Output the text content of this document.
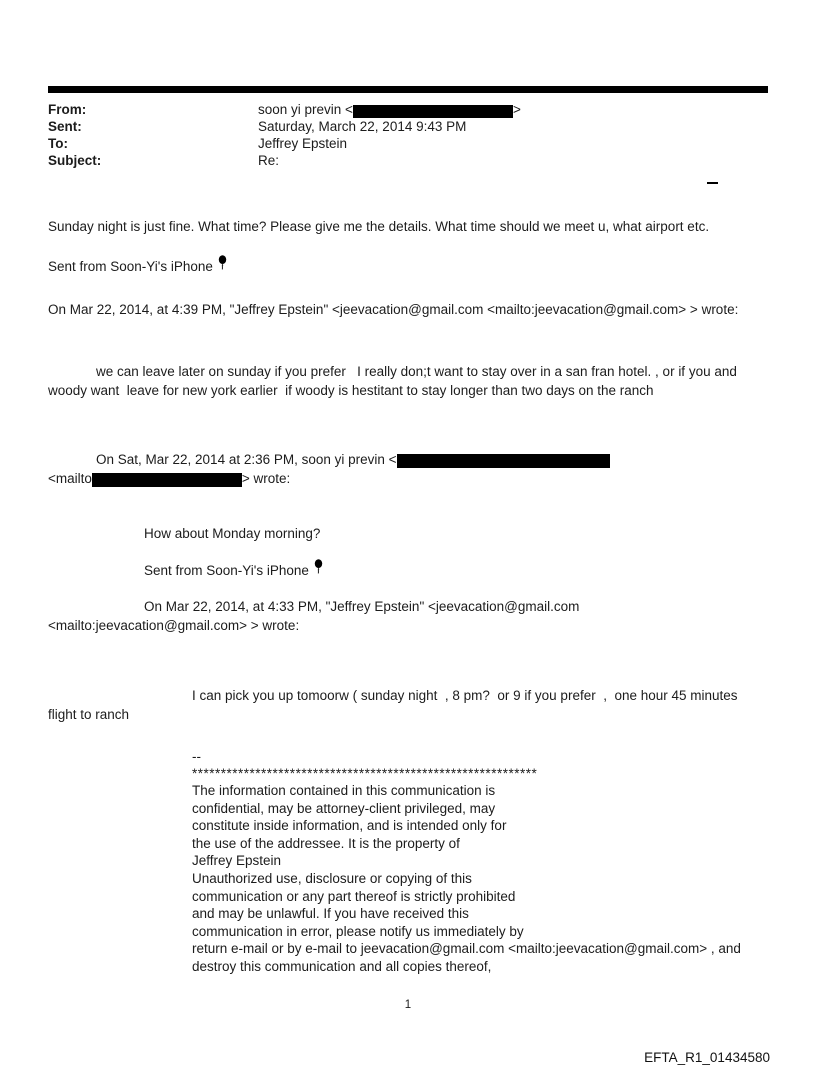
From:	soon yi previn <	>
Sent:	Saturday, March 22, 2014 9:43 PM
To:	Jeffrey Epstein
Subject:	Re:
Sunday night is just fine. What time? Please give me the details. What time should we meet u, what airport etc.
Sent from Soon-Yi's iPhone
On Mar 22, 2014, at 4:39 PM, "Jeffrey Epstein" <jeevacation@gmail.com <mailto:jeevacation@gmail.com> > wrote:
we can leave later on sunday if you prefer   I really don;t want to stay over in a san fran hotel. , or if you and
woody want  leave for new york earlier  if woody is hestitant to stay longer than two days on the ranch
On Sat, Mar 22, 2014 at 2:36 PM, soon yi previn <
<mailto	> wrote:
How about Monday morning?
Sent from Soon-Yi's iPhone
On Mar 22, 2014, at 4:33 PM, "Jeffrey Epstein" <jeevacation@gmail.com
<mailto:jeevacation@gmail.com> > wrote:
I can pick you up tomoorw ( sunday night  , 8 pm?  or 9 if you prefer  ,  one hour 45 minutes
flight to ranch
--
************************************************************
The information contained in this communication is
confidential, may be attorney-client privileged, may
constitute inside information, and is intended only for
the use of the addressee. It is the property of
Jeffrey Epstein
Unauthorized use, disclosure or copying of this
communication or any part thereof is strictly prohibited
and may be unlawful. If you have received this
communication in error, please notify us immediately by
return e-mail or by e-mail to jeevacation@gmail.com <mailto:jeevacation@gmail.com> , and
destroy this communication and all copies thereof,
1
EFTA_R1_01434580
